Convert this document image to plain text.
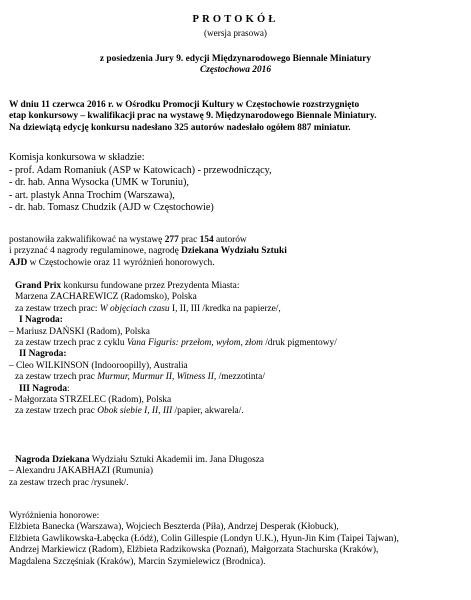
PROTOKÓŁ
(wersja prasowa)
z posiedzenia Jury 9. edycji Międzynarodowego Biennale Miniatury
Częstochowa 2016
W dniu 11 czerwca 2016 r. w Ośrodku Promocji Kultury w Częstochowie rozstrzygnięto
etap konkursowy – kwalifikacji prac na wystawę 9. Międzynarodowego Biennale Miniatury.
Na dziewiątą edycję konkursu nadesłano 325 autorów nadesłało ogółem 887 miniatur.
Komisja konkursowa w składzie:
- prof. Adam Romaniuk (ASP w Katowicach) - przewodniczący,
- dr. hab. Anna Wysocka (UMK w Toruniu),
- art. plastyk Anna Trochim (Warszawa),
- dr. hab. Tomasz Chudzik (AJD w Częstochowie)
postanowiła zakwalifikować na wystawę 277 prac 154 autorów
i przyznać 4 nagrody regulaminowe, nagrodę Dziekana Wydziału Sztuki
AJD w Częstochowie oraz 11 wyróżnień honorowych.
Grand Prix konkursu fundowane przez Prezydenta Miasta:
Marzena ZACHAREWICZ (Radomsko), Polska
za zestaw trzech prac: W objęciach czasu I, II, III /kredka na papierze/,
I Nagroda:
– Mariusz DAŃSKI (Radom), Polska
za zestaw trzech prac z cyklu Vana Figuris: przełom, wyłom, złom /druk pigmentowy/
II Nagroda:
– Cleo WILKINSON (Indooroopilly), Australia
za zestaw trzech prac Murmur, Murmur II, Witness II, /mezzotinta/
III Nagroda:
- Małgorzata STRZELEC (Radom), Polska
za zestaw trzech prac Obok siebie I, II, III /papier, akwarela/.
Nagroda Dziekana Wydziału Sztuki Akademii im. Jana Długosza
– Alexandru JAKABHAZI (Rumunia)
za zestaw trzech prac /rysunek/.
Wyróżnienia honorowe:
Elżbieta Banecka (Warszawa), Wojciech Beszterda (Piła), Andrzej Desperak (Kłobuck),
Elżbieta Gawlikowska-Łabęcka (Łódź), Colin Gillespie (Londyn U.K.), Hyun-Jin Kim (Taipei Tajwan),
Andrzej Markiewicz (Radom), Elżbieta Radzikowska (Poznań), Małgorzata Stachurska (Kraków),
Magdalena Szczęśniak (Kraków), Marcin Szymielewicz (Brodnica).
